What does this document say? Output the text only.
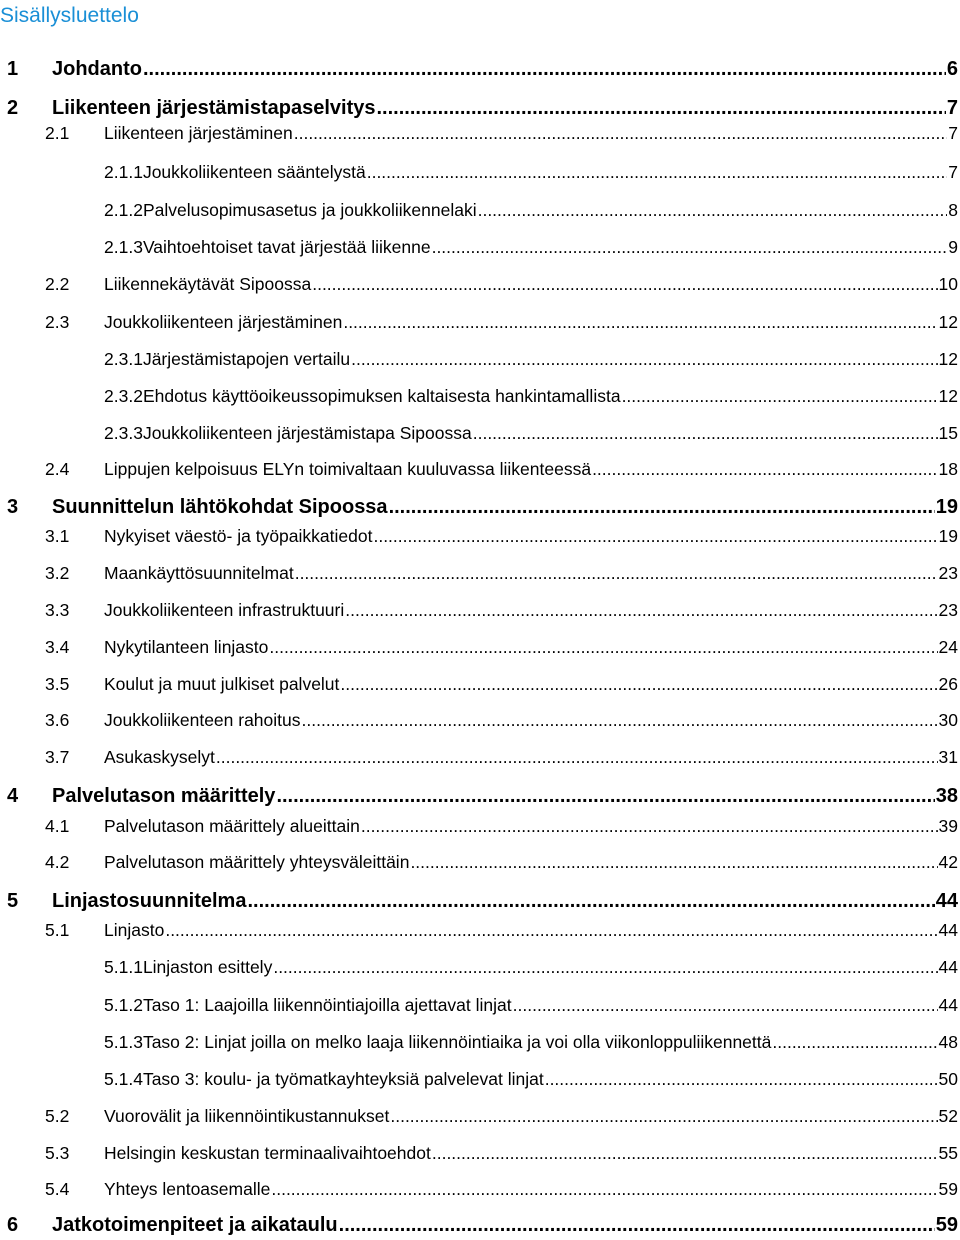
Sisällysluettelo
1	Johdanto .....	6
2	Liikenteen järjestämistapaselvitys .....	7
2.1	Liikenteen järjestäminen .....	7
2.1.1 Joukkoliikenteen sääntelystä .....	7
2.1.2 Palvelusopimusasetus ja joukkoliikennelaki .....	8
2.1.3 Vaihtoehtoiset tavat järjestää liikenne .....	9
2.2	Liikennekäytävät Sipoossa .....	10
2.3	Joukkoliikenteen järjestäminen .....	12
2.3.1 Järjestämistapojen vertailu .....	12
2.3.2 Ehdotus käyttöoikeussopimuksen kaltaisesta hankintamallista .....	12
2.3.3 Joukkoliikenteen järjestämistapa Sipoossa .....	15
2.4	Lippujen kelpoisuus ELYn toimivaltaan kuuluvassa liikenteessä .....	18
3	Suunnittelun lähtökohdat Sipoossa .....	19
3.1	Nykyiset väestö- ja työpaikkatiedot .....	19
3.2	Maankäyttösuunnitelmat .....	23
3.3	Joukkoliikenteen infrastruktuuri .....	23
3.4	Nykytilanteen linjasto .....	24
3.5	Koulut ja muut julkiset palvelut .....	26
3.6	Joukkoliikenteen rahoitus .....	30
3.7	Asukaskyselyt .....	31
4	Palvelutason määrittely .....	38
4.1	Palvelutason määrittely alueittain .....	39
4.2	Palvelutason määrittely yhteysväleittäin .....	42
5	Linjastosuunnitelma .....	44
5.1	Linjasto .....	44
5.1.1 Linjaston esittely .....	44
5.1.2 Taso 1: Laajoilla liikennöintiajoilla ajettavat linjat .....	44
5.1.3 Taso 2: Linjat joilla on melko laaja liikennöintiaika ja voi olla viikonloppuliikennettä .....	48
5.1.4 Taso 3: koulu- ja työmatkayhteyksiä palvelevat linjat .....	50
5.2	Vuorovälit ja liikennöintikustannukset .....	52
5.3	Helsingin keskustan terminaalivaihtoehdot .....	55
5.4	Yhteys lentoasemalle .....	59
6	Jatkotoimenpiteet ja aikataulu .....	59
